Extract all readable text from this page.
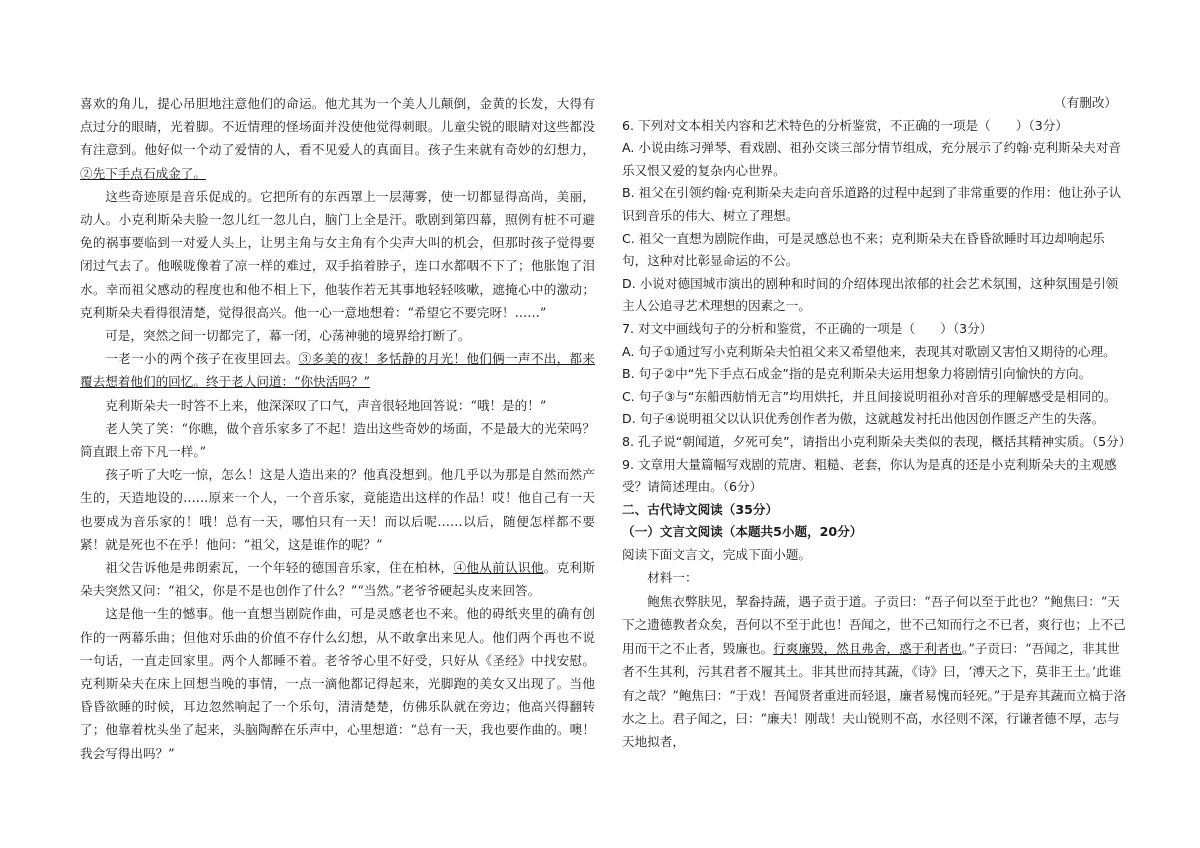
喜欢的角儿，提心吊胆地注意他们的命运。他尤其为一个美人儿颠倒，金黄的长发，大得有点过分的眼睛，光着脚。不近情理的怪场面并没使他觉得刺眼。儿童尖锐的眼睛对这些都没有注意到。他好似一个动了爱情的人，看不见爱人的真面目。孩子生来就有奇妙的幻想力，②先下手点石成金了。

这些奇迹原是音乐促成的。它把所有的东西罩上一层薄雾，使一切都显得高尚，美丽，动人。小克利斯朵夫脸一忽儿红一忽儿白，脑门上全是汗。歌剧到第四幕，照例有桩不可避免的祸事要临到一对爱人头上，让男主角与女主角有个尖声大叫的机会，但那时孩子觉得要闭过气去了。他喉咙像着了凉一样的难过，双手掐着脖子，连口水都咽不下了；他胀饱了泪水。幸而祖父感动的程度也和他不相上下，他装作若无其事地轻轻咳嗽，遮掩心中的激动；克利斯朵夫看得很清楚，觉得很高兴。他一心一意地想着：“希望它不要完呀！……”

可是，突然之间一切都完了，幕一闭，心荡神驰的境界给打断了。

一老一小的两个孩子在夜里回去。③多美的夜！多恬静的月光！他们俩一声不出，都来覆去想着他们的回忆。终于老人问道：“你快活吗？”

克利斯朵夫一时答不上来，他深深叹了口气，声音很轻地回答说：“哦！是的！”

老人笑了笑：“你瞧，做个音乐家多了不起！造出这些奇妙的场面，不是最大的光荣吗？简直跟上帝下凡一样。”

孩子听了大吃一惊，怎么！这是人造出来的？他真没想到。他几乎以为那是自然而然产生的，天造地设的……原来一个人，一个音乐家，竟能造出这样的作品！哎！他自己有一天也要成为音乐家的！哦！总有一天，哪怕只有一天！而以后呢……以后，随便怎样都不要紧！就是死也不在乎！他问：“祖父，这是谁作的呢？”

祖父告诉他是弗朗索瓦，一个年轻的德国音乐家，住在柏林，④他从前认识他。克利斯朵夫突然又问：“祖父，你是不是也创作了什么？”“当然。”老爷爷硬起头皮来回答。

这是他一生的憾事。他一直想当剧院作曲，可是灵感老也不来。他的碍纸夹里的确有创作的一两幕乐曲；但他对乐曲的价值不存什么幻想，从不敢拿出来见人。他们两个再也不说一句话，一直走回家里。两个人都睡不着。老爷爷心里不好受，只好从《圣经》中找安慰。克利斯朵夫在床上回想当晚的事情，一点一滴他都记得起来，光脚跑的美女又出现了。当他昏昏欲睡的时候，耳边忽然响起了一个乐句，清清楚楚，仿佛乐队就在旁边；他高兴得翻转了；他靠着枕头坐了起来，头脑陶醉在乐声中，心里想道：“总有一天，我也要作曲的。噢！我会写得出吗？”

（有删改）

6. 下列对文本相关内容和艺术特色的分析鉴赏，不正确的一项是（　　）（3分）

A. 小说由练习弹琴、看戏剧、祖孙交谈三部分情节组成，充分展示了约翰·克利斯朵夫对音乐又恨又爱的复杂内心世界。

B. 祖父在引领约翰·克利斯朵夫走向音乐道路的过程中起到了非常重要的作用：他让孙子认识到音乐的伟大、树立了理想。

C. 祖父一直想为剧院作曲，可是灵感总也不来；克利斯朵夫在昏昏欲睡时耳边却响起乐句，这种对比彰显命运的不公。

D. 小说对德国城市演出的剧种和时间的介绍体现出浓郁的社会艺术氛围，这种氛围是引领主人公追寻艺术理想的因素之一。

7. 对文中画线句子的分析和鉴赏，不正确的一项是（　　）（3分）

A. 句子①通过写小克利斯朵夫怕祖父来又希望他来，表现其对歌剧又害怕又期待的心理。

B. 句子②中“先下手点石成金”指的是克利斯朵夫运用想象力将剧情引向愉快的方向。

C. 句子③与“东船西舫悄无言”均用烘托，并且间接说明祖孙对音乐的理解感受是相同的。

D. 句子④说明祖父以认识优秀创作者为傲，这就越发衬托出他因创作匮乏产生的失落。

8. 孔子说“朝闻道，夕死可矣”，请指出小克利斯朵夫类似的表现，概括其精神实质。（5分）

9. 文章用大量篇幅写戏剧的荒唐、粗糙、老套，你认为是真的还是小克利斯朵夫的主观感受？请简述理由。（6分）

二、古代诗文阅读（35分）

（一）文言文阅读（本题共5小题，20分）

阅读下面文言文，完成下面小题。

材料一：

鲍焦衣弊肤见，挈畚持蔬，遇子贡于道。子贡曰：“吾子何以至于此也？”鲍焦曰：“天下之遗德教者众矣，吾何以不至于此也！吾闻之，世不己知而行之不已者，爽行也；上不己用而干之不止者，毁廉也。行爽廉毁，然且弗舍，惑于利者也。”子贡曰：“吾闻之，非其世者不生其利，污其君者不履其土。非其世而持其蔬，《诗》曰，‘溥天之下，莫非王土。’此谁有之哉？”鲍焦曰：“于戏！吾闻贤者重进而轻退，廉者易愧而轻死。”于是弃其蔬而立槁于洛水之上。君子闻之，曰：“廉夫！刚哉！夫山锐则不高，水径则不深，行谦者德不厚，志与天地拟者，
